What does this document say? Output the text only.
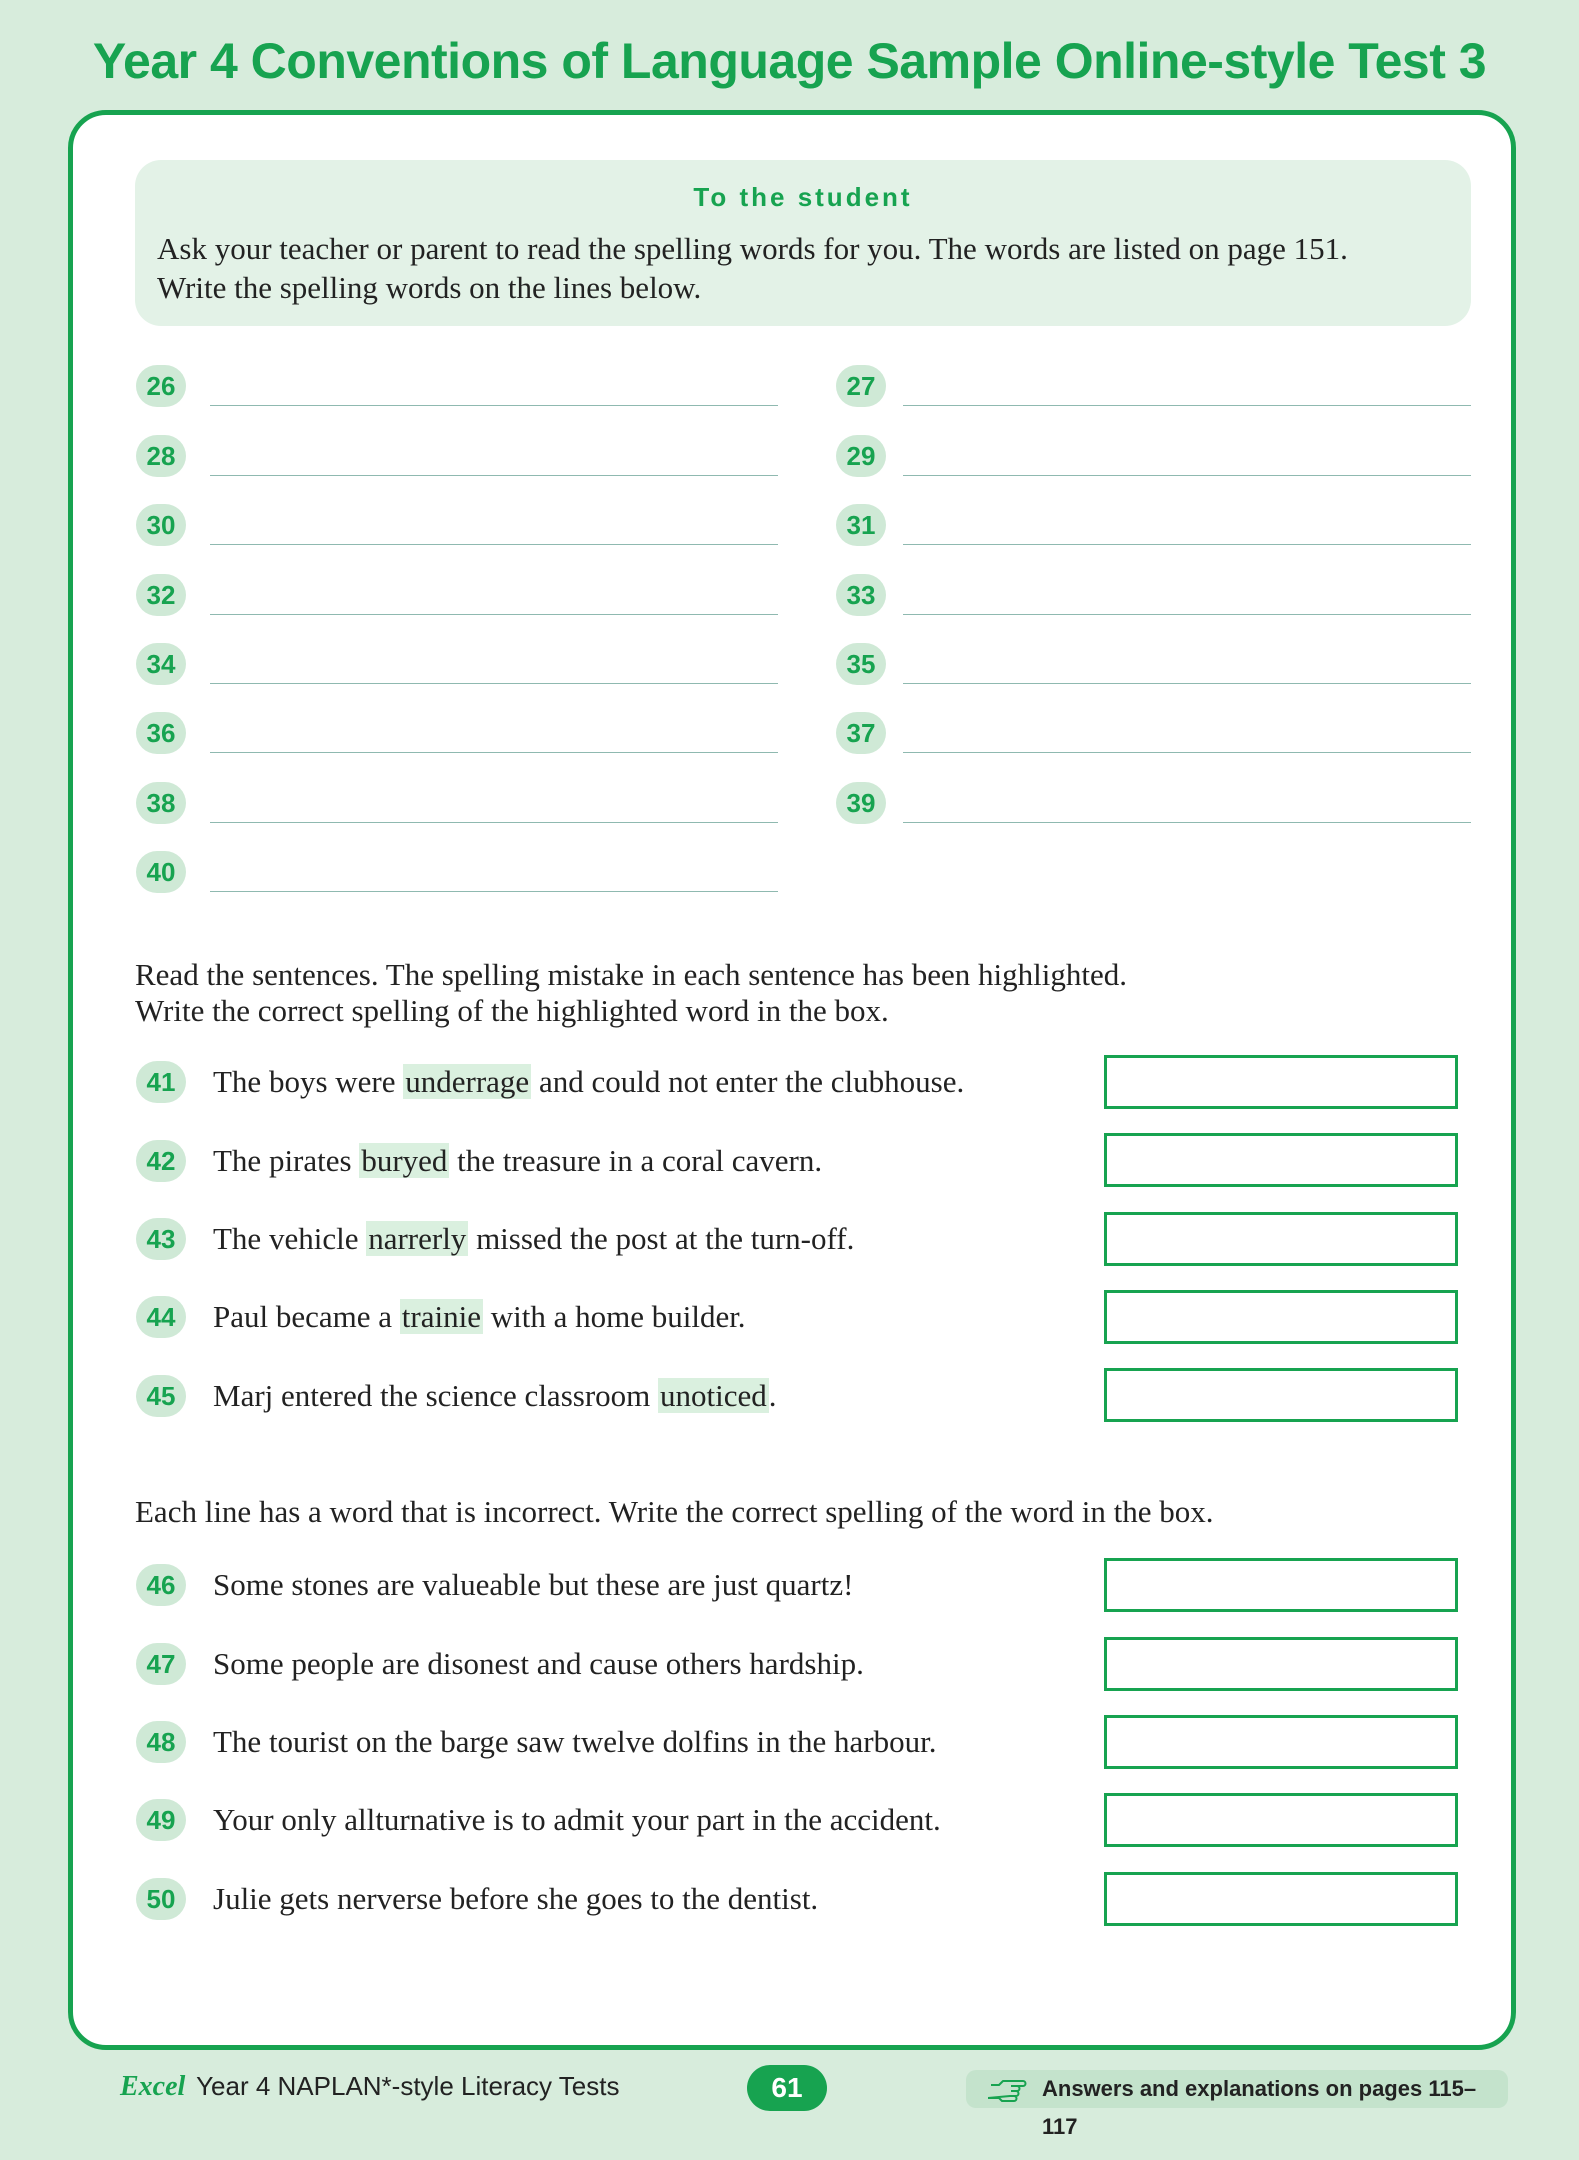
Year 4 Conventions of Language Sample Online-style Test 3
To the student
Ask your teacher or parent to read the spelling words for you. The words are listed on page 151.
Write the spelling words on the lines below.
26	27
28	29
30	31
32	33
34	35
36	37
38	39
40
Read the sentences. The spelling mistake in each sentence has been highlighted.
Write the correct spelling of the highlighted word in the box.
41	The boys were underrage and could not enter the clubhouse.
42	The pirates buryed the treasure in a coral cavern.
43	The vehicle narrerly missed the post at the turn-off.
44	Paul became a trainie with a home builder.
45	Marj entered the science classroom unoticed.
Each line has a word that is incorrect. Write the correct spelling of the word in the box.
46	Some stones are valueable but these are just quartz!
47	Some people are disonest and cause others hardship.
48	The tourist on the barge saw twelve dolfins in the harbour.
49	Your only allturnative is to admit your part in the accident.
50	Julie gets nerverse before she goes to the dentist.
Excel Year 4 NAPLAN*-style Literacy Tests	61	Answers and explanations on pages 115–117
